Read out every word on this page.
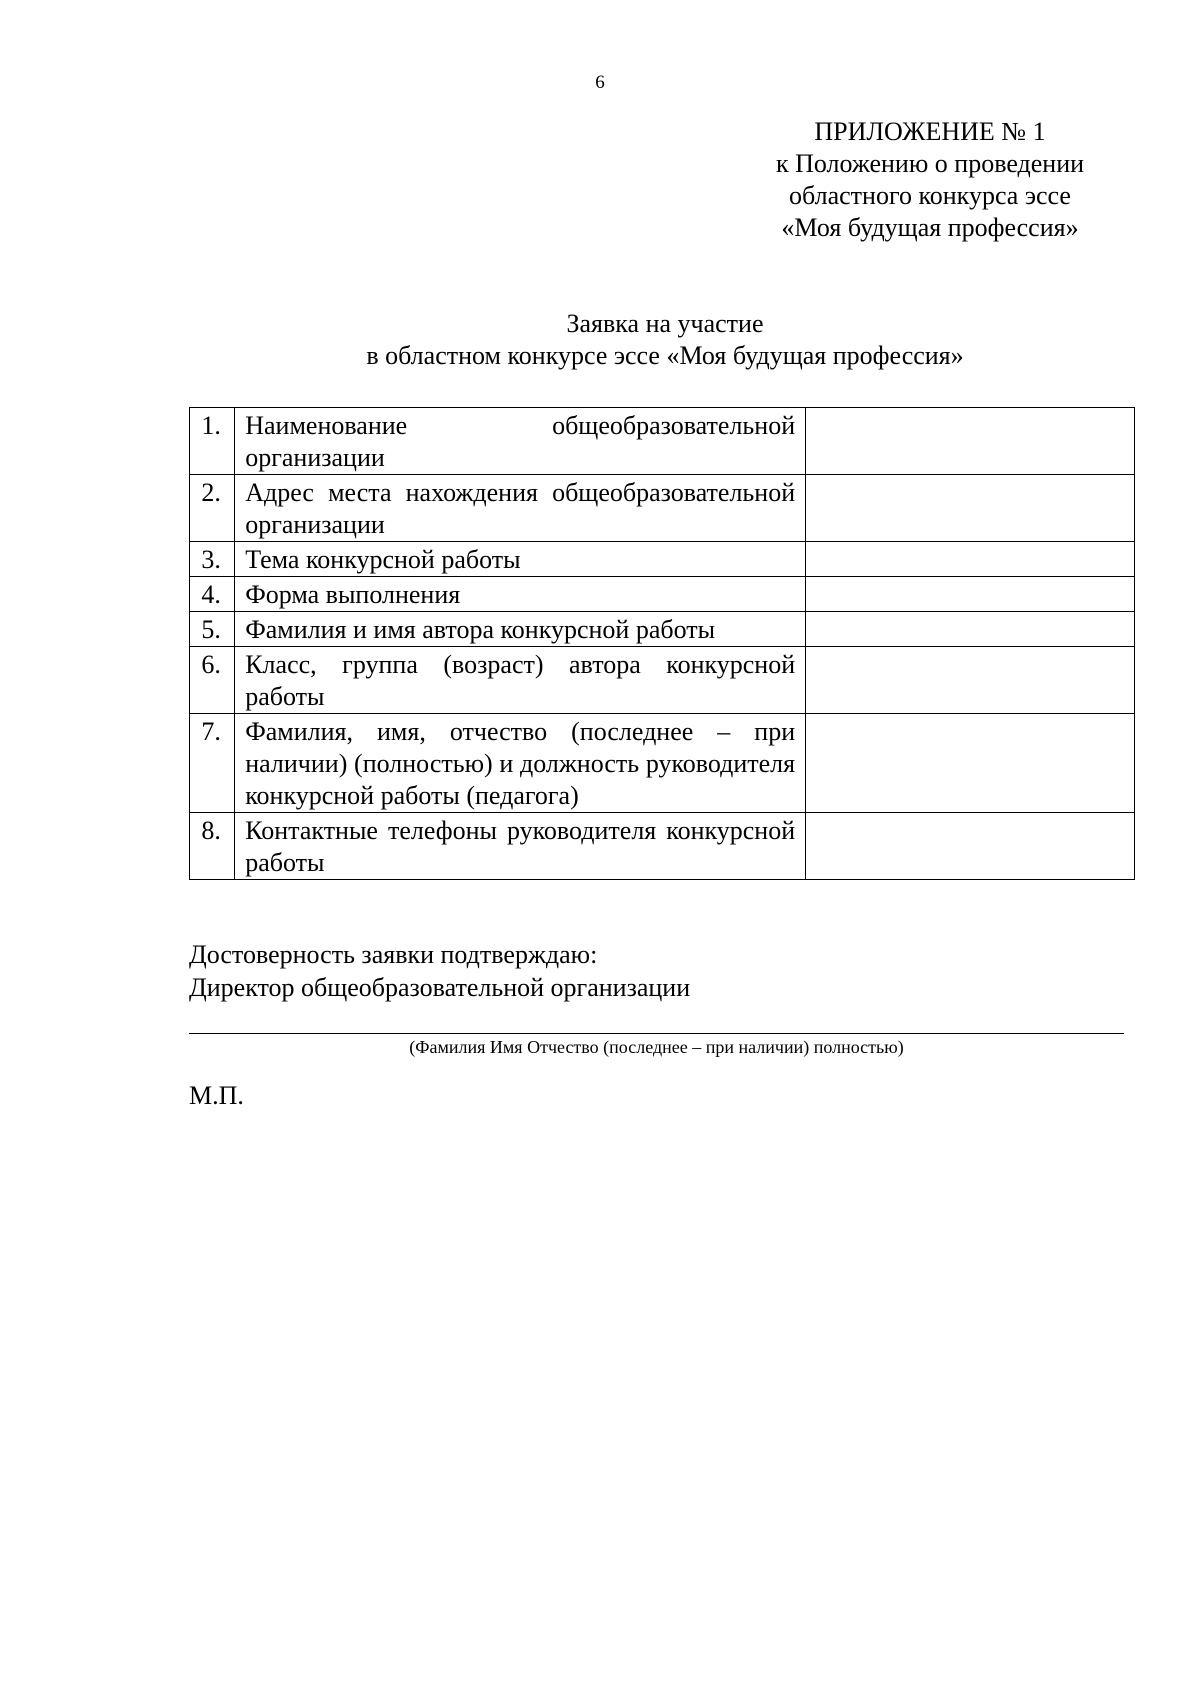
6
ПРИЛОЖЕНИЕ № 1
к Положению о проведении
областного конкурса эссе
«Моя будущая профессия»
Заявка на участие
в областном конкурсе эссе «Моя будущая профессия»
1.	Наименование общеобразовательной организации	
2.	Адрес места нахождения общеобразовательной организации	
3.	Тема конкурсной работы	
4.	Форма выполнения	
5.	Фамилия и имя автора конкурсной работы	
6.	Класс, группа (возраст) автора конкурсной работы	
7.	Фамилия, имя, отчество (последнее – при наличии) (полностью) и должность руководителя конкурсной работы (педагога)	
8.	Контактные телефоны руководителя конкурсной работы	
Достоверность заявки подтверждаю:
Директор общеобразовательной организации
(Фамилия Имя Отчество (последнее – при наличии) полностью)
М.П.
